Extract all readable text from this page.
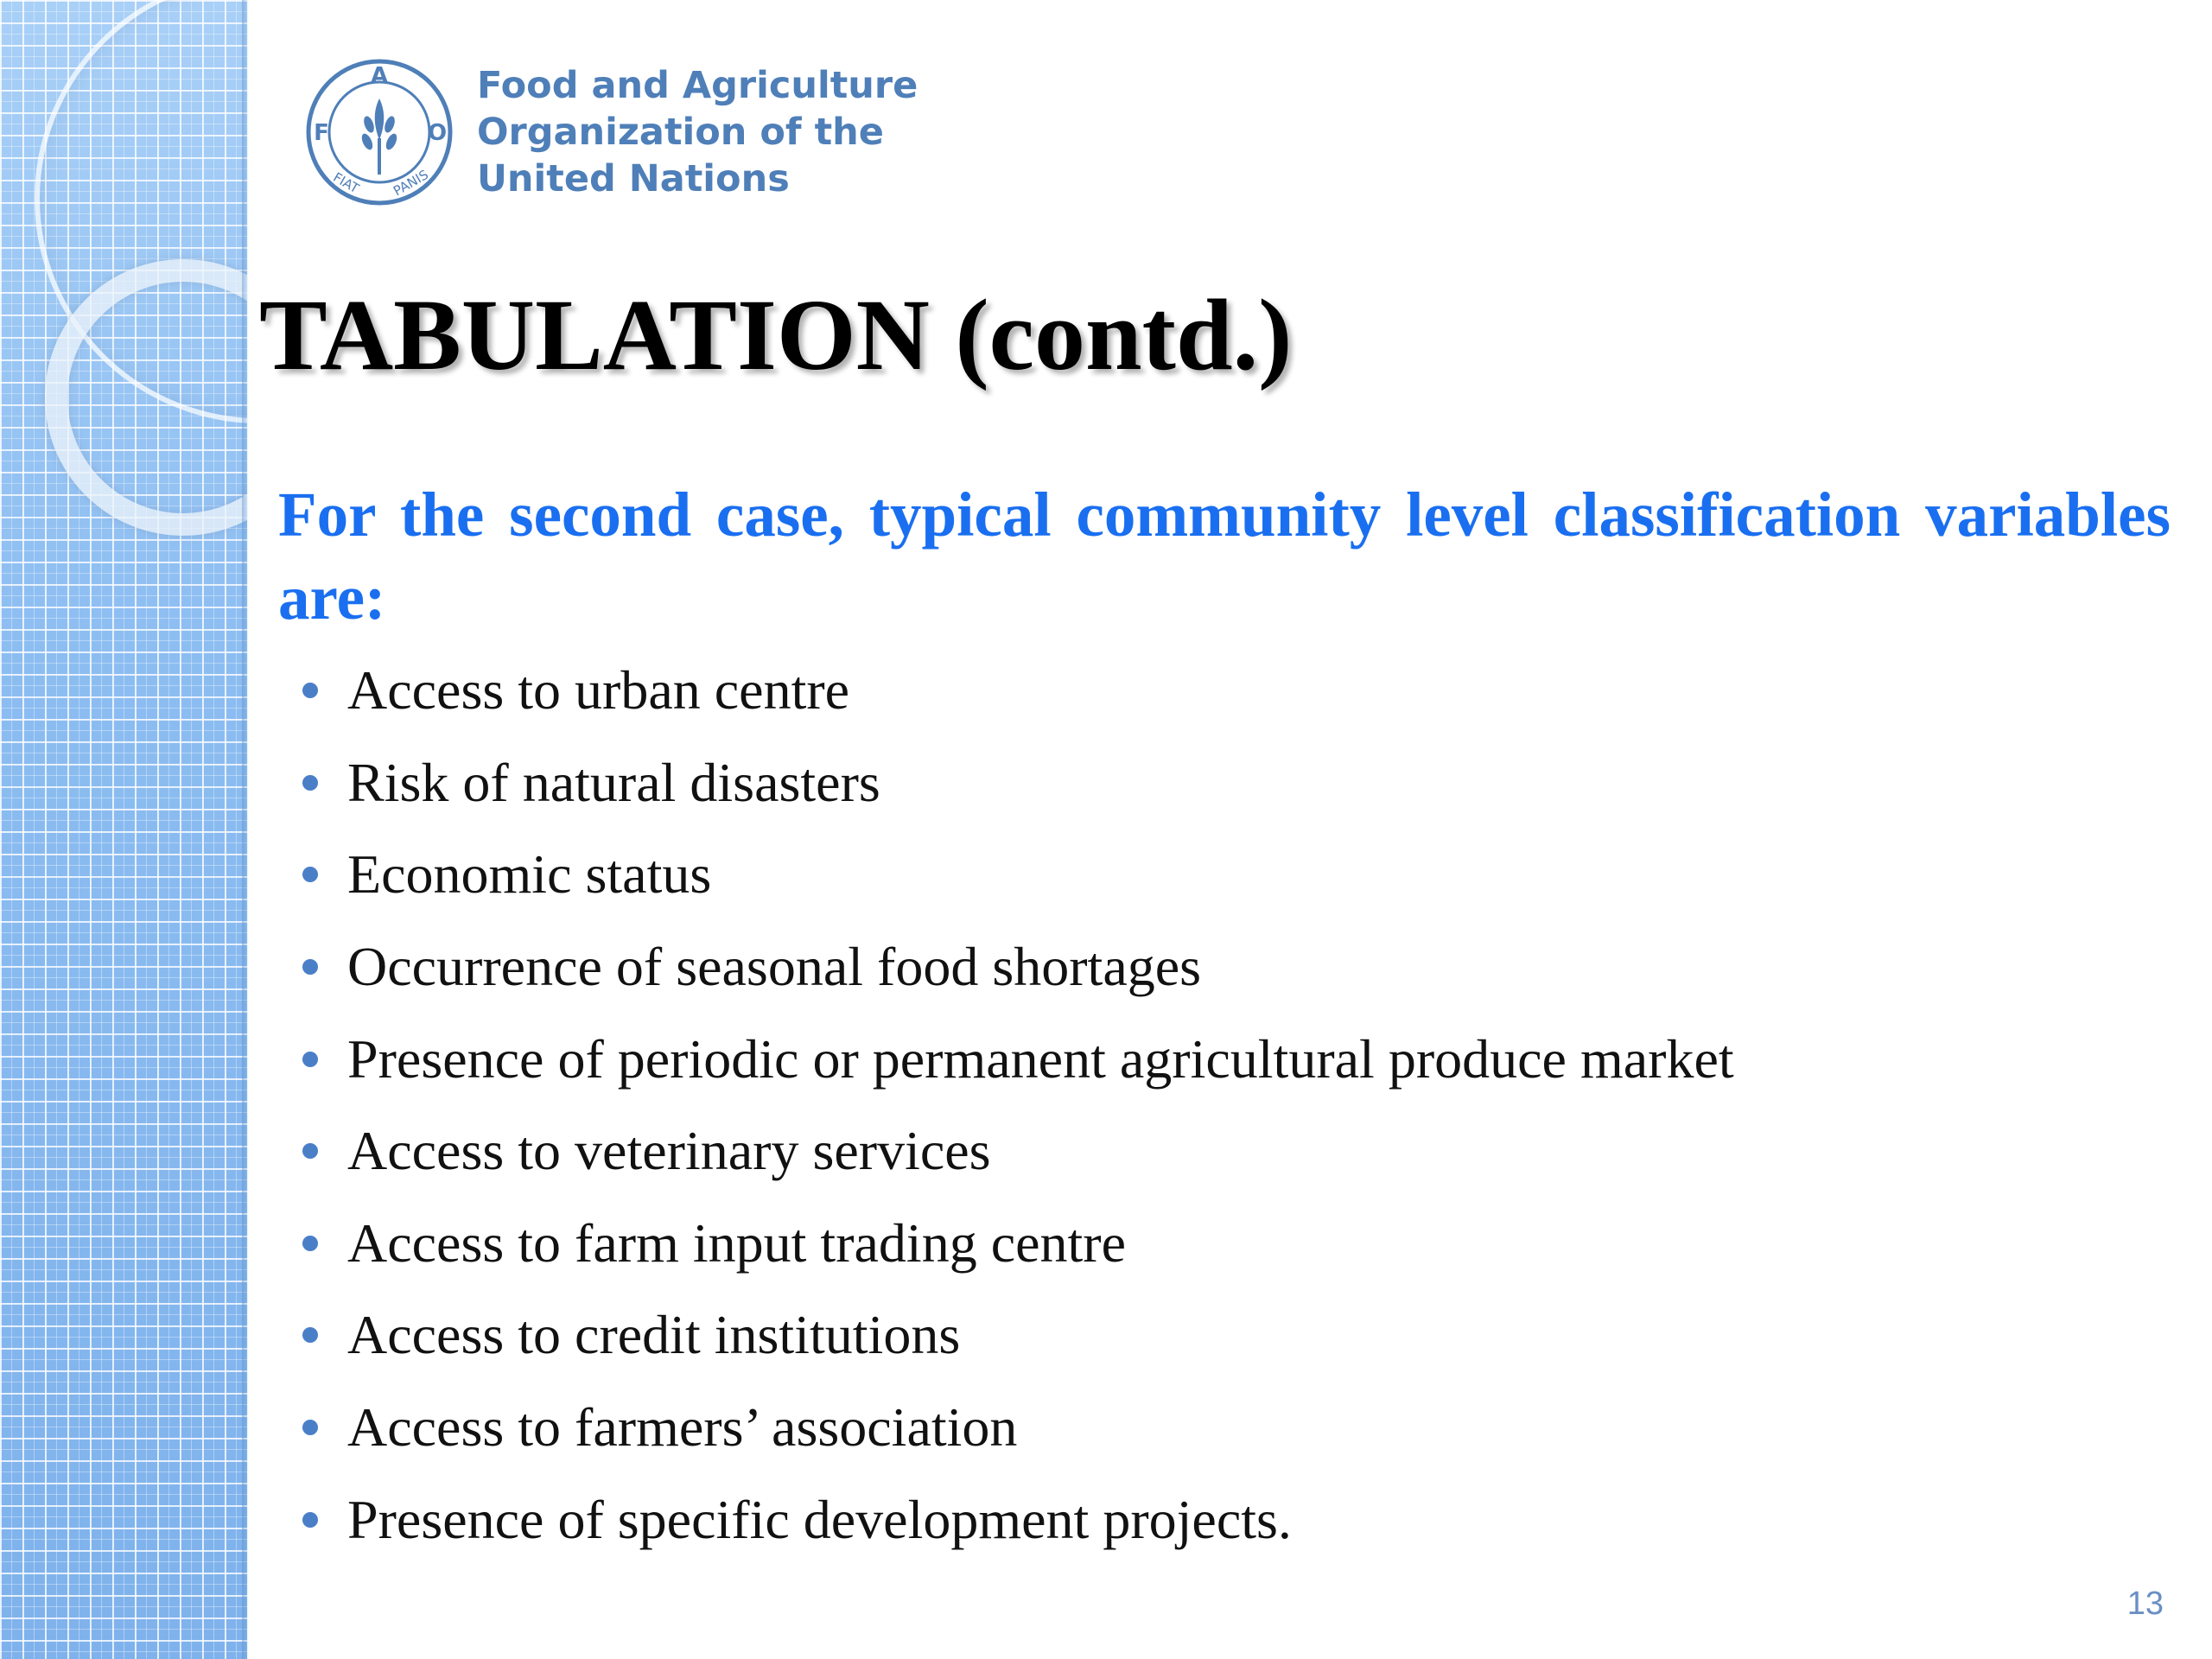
A
F	O
FIAT PANIS
Food and Agriculture
Organization of the
United Nations
TABULATION (contd.)

For the second case, typical community level classification variables are:

Access to urban centre
Risk of natural disasters
Economic status
Occurrence of seasonal food shortages
Presence of periodic or permanent agricultural produce market
Access to veterinary services
Access to farm input trading centre
Access to credit institutions
Access to farmers’ association
Presence of specific development projects.
13
